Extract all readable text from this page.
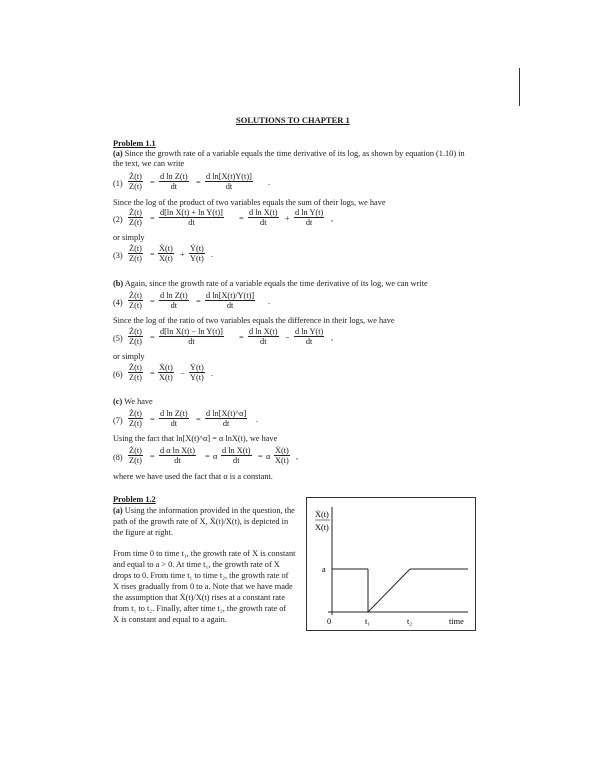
SOLUTIONS TO CHAPTER 1
Problem 1.1
(a) Since the growth rate of a variable equals the time derivative of its log, as shown by equation (1.10) in
the text, we can write
$(1) \frac{Ż(t)}{Z(t)} = \frac{\text{d ln Z(t)}}{dt} = \frac{\text{d ln[X(t)Y(t)]}}{dt}$ .
Since the log of the product of two variables equals the sum of their logs, we have
$(2) \frac{Ż(t)}{Z(t)} = \frac{\text{d[ln X(t) + ln Y(t)]}}{dt} = \frac{\text{d ln X(t)}}{dt} + \frac{\text{d ln Y(t)}}{dt}$ ,
or simply
$(3) \frac{Ż(t)}{Z(t)} = \frac{\text{Ẋ(t)}}{X(t)} + \frac{\text{Ẏ(t)}}{Y(t)}$ .
(b) Again, since the growth rate of a variable equals the time derivative of its log, we can write
$(4) \frac{Ż(t)}{Z(t)} = \frac{\text{d ln Z(t)}}{dt} = \frac{\text{d ln[X(t)/Y(t)]}}{dt}$ .
Since the log of the ratio of two variables equals the difference in their logs, we have
$(5) \frac{Ż(t)}{Z(t)} = \frac{\text{d[ln X(t) − ln Y(t)]}}{dt} = \frac{\text{d ln X(t)}}{dt} - \frac{\text{d ln Y(t)}}{dt}$ ,
or simply
$(6) \frac{Ż(t)}{Z(t)} = \frac{\text{Ẋ(t)}}{X(t)} - \frac{\text{Ẏ(t)}}{Y(t)}$ .
(c) We have
$(7) \frac{Ż(t)}{Z(t)} = \frac{\text{d ln Z(t)}}{dt} = \frac{\text{d ln[X(t)\textasciicircum{}α]}}{dt}$ .
Using the fact that ln[X(t)^α] = α lnX(t), we have
$(8) \frac{Ż(t)}{Z(t)} = \frac{\text{d α ln X(t)}}{dt} = \alpha \frac{\text{d ln X(t)}}{dt} = \alpha \frac{\text{Ẋ(t)}}{X(t)}$ ,
where we have used the fact that α is a constant.
Problem 1.2
(a) Using the information provided in the question, the
path of the growth rate of X, Ẋ(t)/X(t), is depicted in
the figure at right.
From time 0 to time t₁, the growth rate of X is constant
and equal to a > 0. At time t₁, the growth rate of X
drops to 0. From time t₁ to time t₂, the growth rate of
X rises gradually from 0 to a. Note that we have made
the assumption that Ẋ(t)/X(t) rises at a constant rate
from t₁ to t₂. Finally, after time t₂, the growth rate of
X is constant and equal to a again.
Ẋ(t)
X(t)
a
0	t₁	t₂	time
